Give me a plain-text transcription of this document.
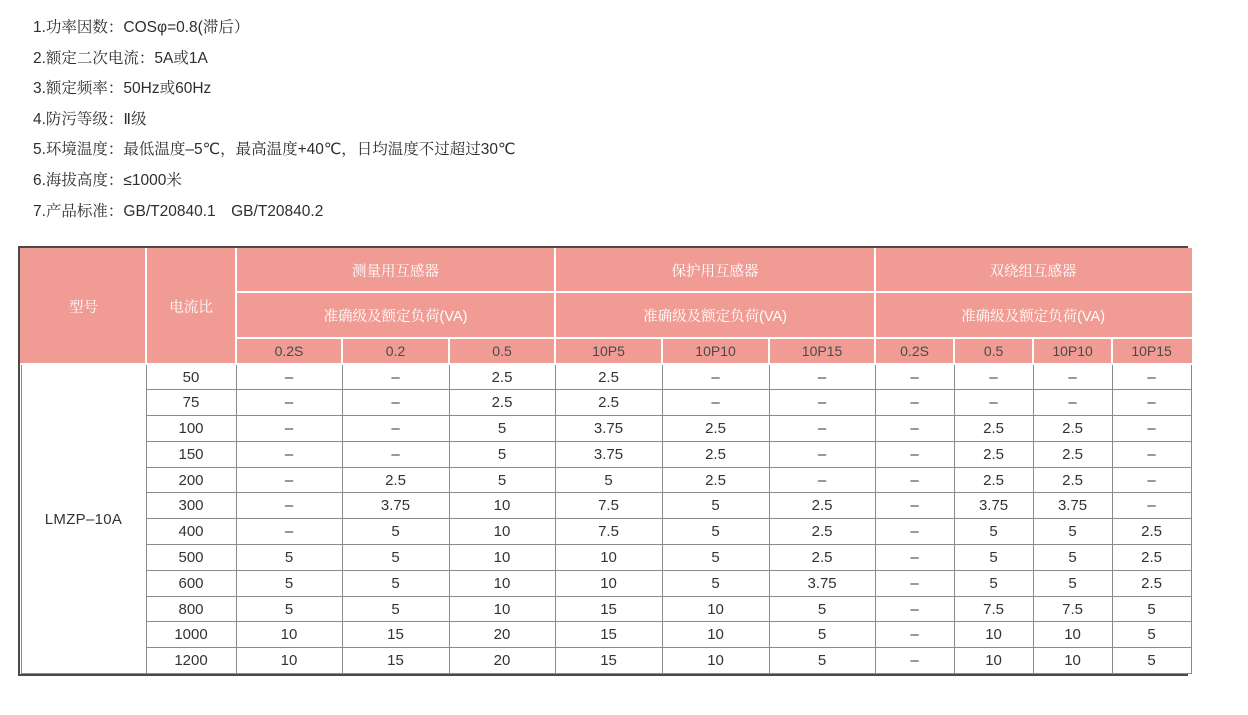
1.功率因数：COSφ=0.8(滞后）
2.额定二次电流：5A或1A
3.额定频率：50Hz或60Hz
4.防污等级：Ⅱ级
5.环境温度：最低温度–5℃，最高温度+40℃，日均温度不过超过30℃
6.海拔高度：≤1000米
7.产品标准：GB/T20840.1　GB/T20840.2
型号	电流比	测量用互感器			保护用互感器			双绕组互感器			
		准确级及额定负荷(VA)			准确级及额定负荷(VA)			准确级及额定负荷(VA)			
		0.2S	0.2	0.5	10P5	10P10	10P15	0.2S	0.5	10P10	10P15
LMZP–10A	50	–	–	2.5	2.5	–	–	–	–	–	–
	75	–	–	2.5	2.5	–	–	–	–	–	–
	100	–	–	5	3.75	2.5	–	–	2.5	2.5	–
	150	–	–	5	3.75	2.5	–	–	2.5	2.5	–
	200	–	2.5	5	5	2.5	–	–	2.5	2.5	–
	300	–	3.75	10	7.5	5	2.5	–	3.75	3.75	–
	400	–	5	10	7.5	5	2.5	–	5	5	2.5
	500	5	5	10	10	5	2.5	–	5	5	2.5
	600	5	5	10	10	5	3.75	–	5	5	2.5
	800	5	5	10	15	10	5	–	7.5	7.5	5
	1000	10	15	20	15	10	5	–	10	10	5
	1200	10	15	20	15	10	5	–	10	10	5
